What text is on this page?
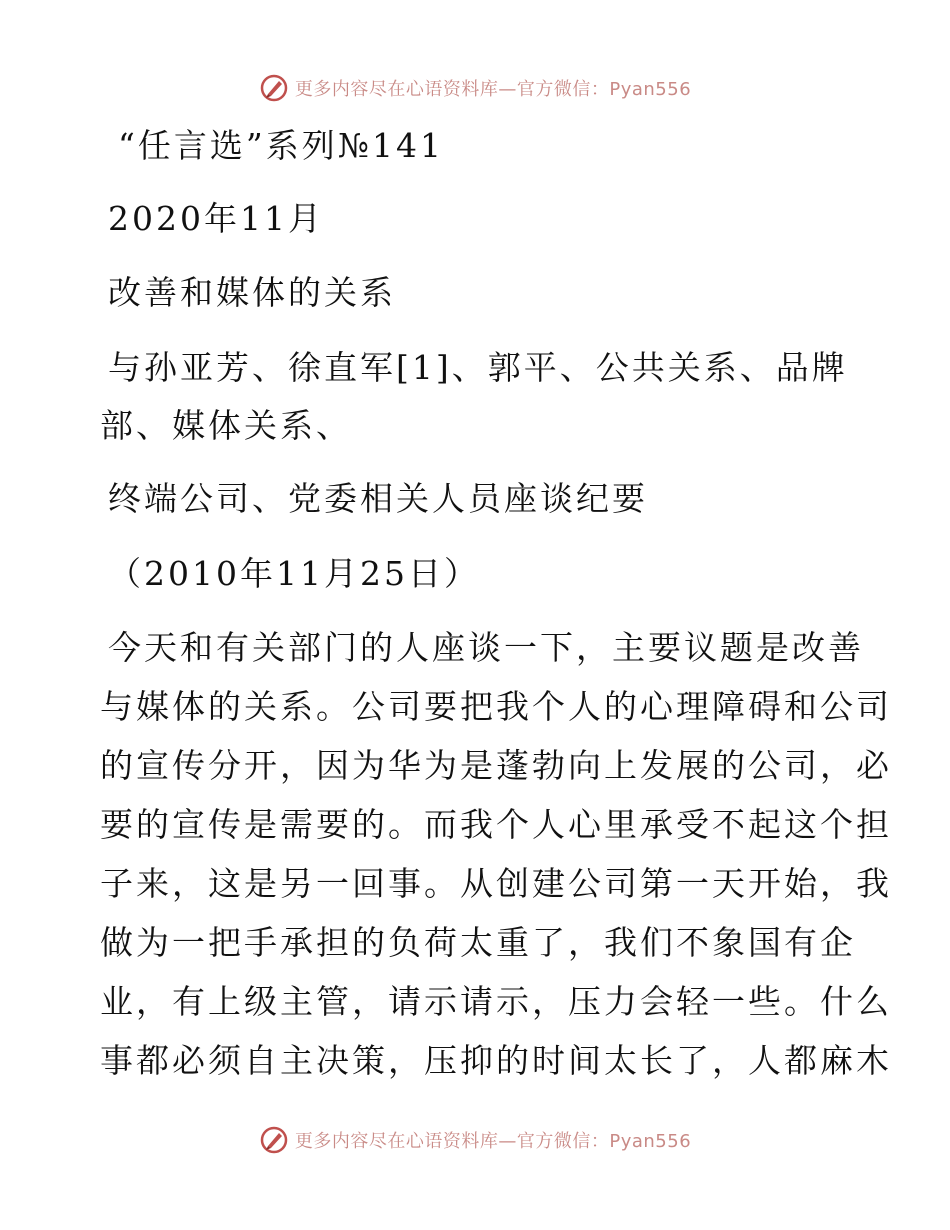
更多内容尽在心语资料库—官方微信：Pyan556
“任言选”系列№141
2020年11月
改善和媒体的关系
与孙亚芳、徐直军[1]、郭平、公共关系、品牌
部、媒体关系、
终端公司、党委相关人员座谈纪要
（2010年11月25日）
今天和有关部门的人座谈一下，主要议题是改善
与媒体的关系。公司要把我个人的心理障碍和公司
的宣传分开，因为华为是蓬勃向上发展的公司，必
要的宣传是需要的。而我个人心里承受不起这个担
子来，这是另一回事。从创建公司第一天开始，我
做为一把手承担的负荷太重了，我们不象国有企
业，有上级主管，请示请示，压力会轻一些。什么
事都必须自主决策，压抑的时间太长了，人都麻木
更多内容尽在心语资料库—官方微信：Pyan556
